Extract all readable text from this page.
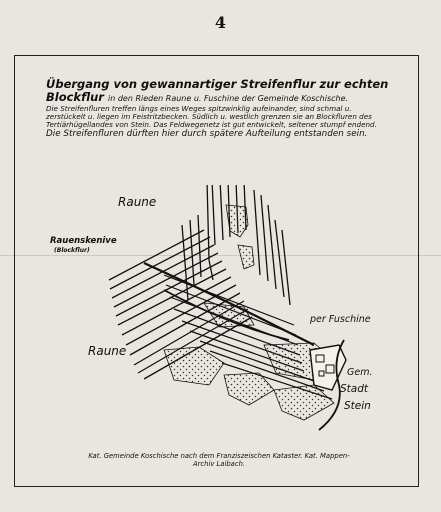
4
Übergang von gewannartiger Streifenflur zur echten Blockflur in den Rieden Raune u. Fuschine der Gemeinde Koschische.
Die Streifenfluren treffen längs eines Weges spitzwinklig aufeinander, sind schmal u. zerstückelt u. liegen im Feistritzbecken. Südlich u. westlich grenzen sie an Blockfluren des Tertiärhügellandes von Stein. Das Feldwegenetz ist gut entwickelt, seltener stumpf endend.
Die Streifenfluren dürften hier durch spätere Aufteilung entstanden sein.
Raune
Rauenskenive
(Blockflur)
per Fuschine
Raune
Gem.
Stadt
Stein
Kat. Gemeinde Koschische nach dem Franziszeischen Kataster. Kat. Mappen-
Archiv Laibach.
